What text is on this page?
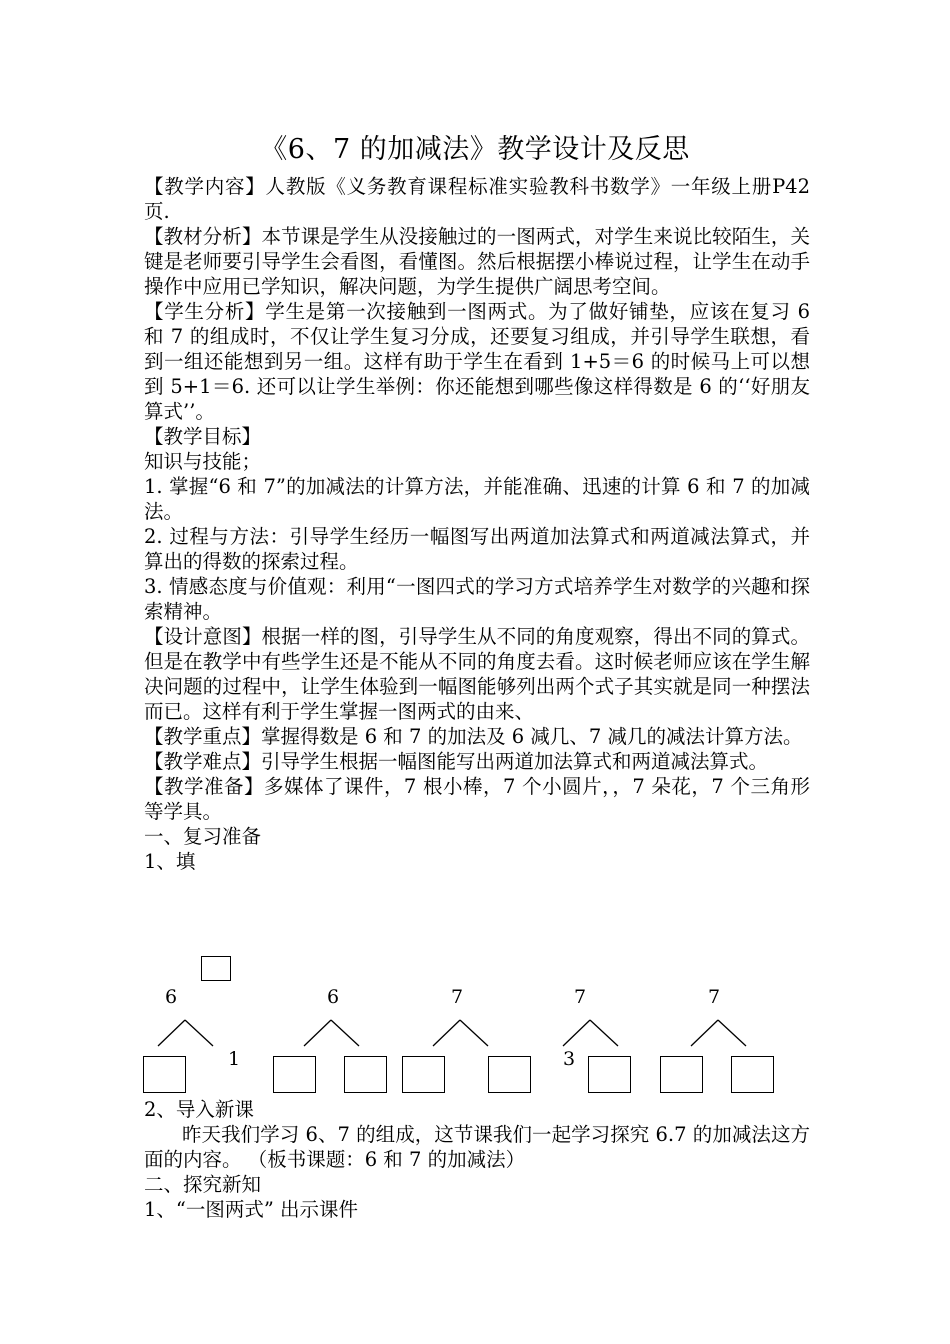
《6、7 的加减法》教学设计及反思

【教学内容】人教版《义务教育课程标准实验教科书数学》一年级上册P42 页.

【教材分析】本节课是学生从没接触过的一图两式，对学生来说比较陌生，关键是老师要引导学生会看图，看懂图。然后根据摆小棒说过程，让学生在动手操作中应用已学知识，解决问题，为学生提供广阔思考空间。

【学生分析】学生是第一次接触到一图两式。为了做好铺垫，应该在复习 6 和 7 的组成时，不仅让学生复习分成，还要复习组成，并引导学生联想，看到一组还能想到另一组。这样有助于学生在看到 1+5＝6 的时候马上可以想到 5+1＝6. 还可以让学生举例：你还能想到哪些像这样得数是 6 的‘‘好朋友算式’’。

【教学目标】

知识与技能；

1. 掌握“6 和 7”的加减法的计算方法，并能准确、迅速的计算 6 和 7 的加减法。

2. 过程与方法：引导学生经历一幅图写出两道加法算式和两道减法算式，并算出的得数的探索过程。

3. 情感态度与价值观：利用“一图四式的学习方式培养学生对数学的兴趣和探索精神。

【设计意图】根据一样的图，引导学生从不同的角度观察，得出不同的算式。但是在教学中有些学生还是不能从不同的角度去看。这时候老师应该在学生解决问题的过程中，让学生体验到一幅图能够列出两个式子其实就是同一种摆法而已。这样有利于学生掌握一图两式的由来、

【教学重点】掌握得数是 6 和 7 的加法及 6 减几、7 减几的减法计算方法。

【教学难点】引导学生根据一幅图能写出两道加法算式和两道减法算式。

【教学准备】多媒体了课件，7 根小棒，7 个小圆片，，7 朵花，7 个三角形等学具。

一、复习准备

1、填

6
1
6	7	7
3
7

2、导入新课

昨天我们学习 6、7 的组成，这节课我们一起学习探究 6.7 的加减法这方面的内容。 （板书课题：6 和 7 的加减法）

二、探究新知

1、“一图两式” 出示课件
